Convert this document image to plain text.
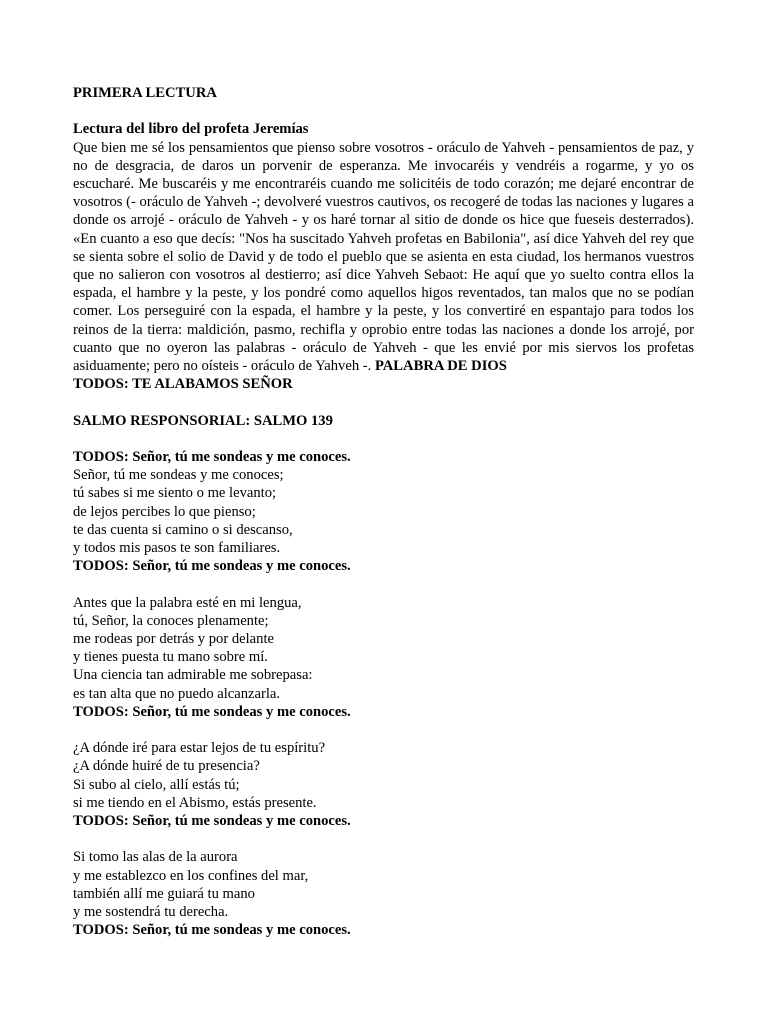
PRIMERA LECTURA
Lectura del libro del profeta Jeremías
Que bien me sé los pensamientos que pienso sobre vosotros - oráculo de Yahveh - pensamientos de paz, y no de desgracia, de daros un porvenir de esperanza. Me invocaréis y vendréis a rogarme, y yo os escucharé. Me buscaréis y me encontraréis cuando me solicitéis de todo corazón; me dejaré encontrar de vosotros (- oráculo de Yahveh -; devolveré vuestros cautivos, os recogeré de todas las naciones y lugares a donde os arrojé - oráculo de Yahveh - y os haré tornar al sitio de donde os hice que fueseis desterrados). «En cuanto a eso que decís: "Nos ha suscitado Yahveh profetas en Babilonia", así dice Yahveh del rey que se sienta sobre el solio de David y de todo el pueblo que se asienta en esta ciudad, los hermanos vuestros que no salieron con vosotros al destierro; así dice Yahveh Sebaot: He aquí que yo suelto contra ellos la espada, el hambre y la peste, y los pondré como aquellos higos reventados, tan malos que no se podían comer. Los perseguiré con la espada, el hambre y la peste, y los convertiré en espantajo para todos los reinos de la tierra: maldición, pasmo, rechifla y oprobio entre todas las naciones a donde los arrojé, por cuanto que no oyeron las palabras - oráculo de Yahveh - que les envié por mis siervos los profetas asiduamente; pero no oísteis - oráculo de Yahveh -. PALABRA DE DIOS
TODOS: TE ALABAMOS SEÑOR
SALMO RESPONSORIAL: SALMO 139
TODOS: Señor, tú me sondeas y me conoces.
Señor, tú me sondeas y me conoces;
tú sabes si me siento o me levanto;
de lejos percibes lo que pienso;
te das cuenta si camino o si descanso,
y todos mis pasos te son familiares.
TODOS: Señor, tú me sondeas y me conoces.
Antes que la palabra esté en mi lengua,
tú, Señor, la conoces plenamente;
me rodeas por detrás y por delante
y tienes puesta tu mano sobre mí.
Una ciencia tan admirable me sobrepasa:
es tan alta que no puedo alcanzarla.
TODOS: Señor, tú me sondeas y me conoces.
¿A dónde iré para estar lejos de tu espíritu?
¿A dónde huiré de tu presencia?
Si subo al cielo, allí estás tú;
si me tiendo en el Abismo, estás presente.
TODOS: Señor, tú me sondeas y me conoces.
Si tomo las alas de la aurora
y me establezco en los confines del mar,
también allí me guiará tu mano
y me sostendrá tu derecha.
TODOS: Señor, tú me sondeas y me conoces.
